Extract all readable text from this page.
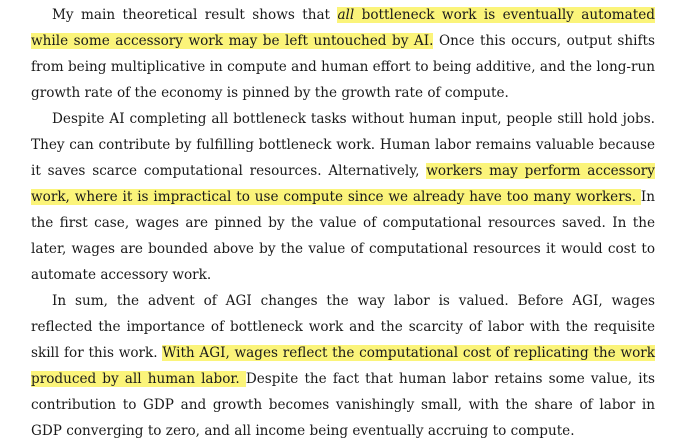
My main theoretical result shows that all bottleneck work is eventually automated while some accessory work may be left untouched by AI. Once this occurs, output shifts from being multiplicative in compute and human effort to being additive, and the long-run growth rate of the economy is pinned by the growth rate of compute.

Despite AI completing all bottleneck tasks without human input, people still hold jobs. They can contribute by fulfilling bottleneck work. Human labor remains valuable because it saves scarce computational resources. Alternatively, workers may perform accessory work, where it is impractical to use compute since we already have too many workers. In the first case, wages are pinned by the value of computational resources saved. In the later, wages are bounded above by the value of computational resources it would cost to automate accessory work.

In sum, the advent of AGI changes the way labor is valued. Before AGI, wages reflected the importance of bottleneck work and the scarcity of labor with the requisite skill for this work. With AGI, wages reflect the computational cost of replicating the work produced by all human labor. Despite the fact that human labor retains some value, its contribution to GDP and growth becomes vanishingly small, with the share of labor in GDP converging to zero, and all income being eventually accruing to compute.
